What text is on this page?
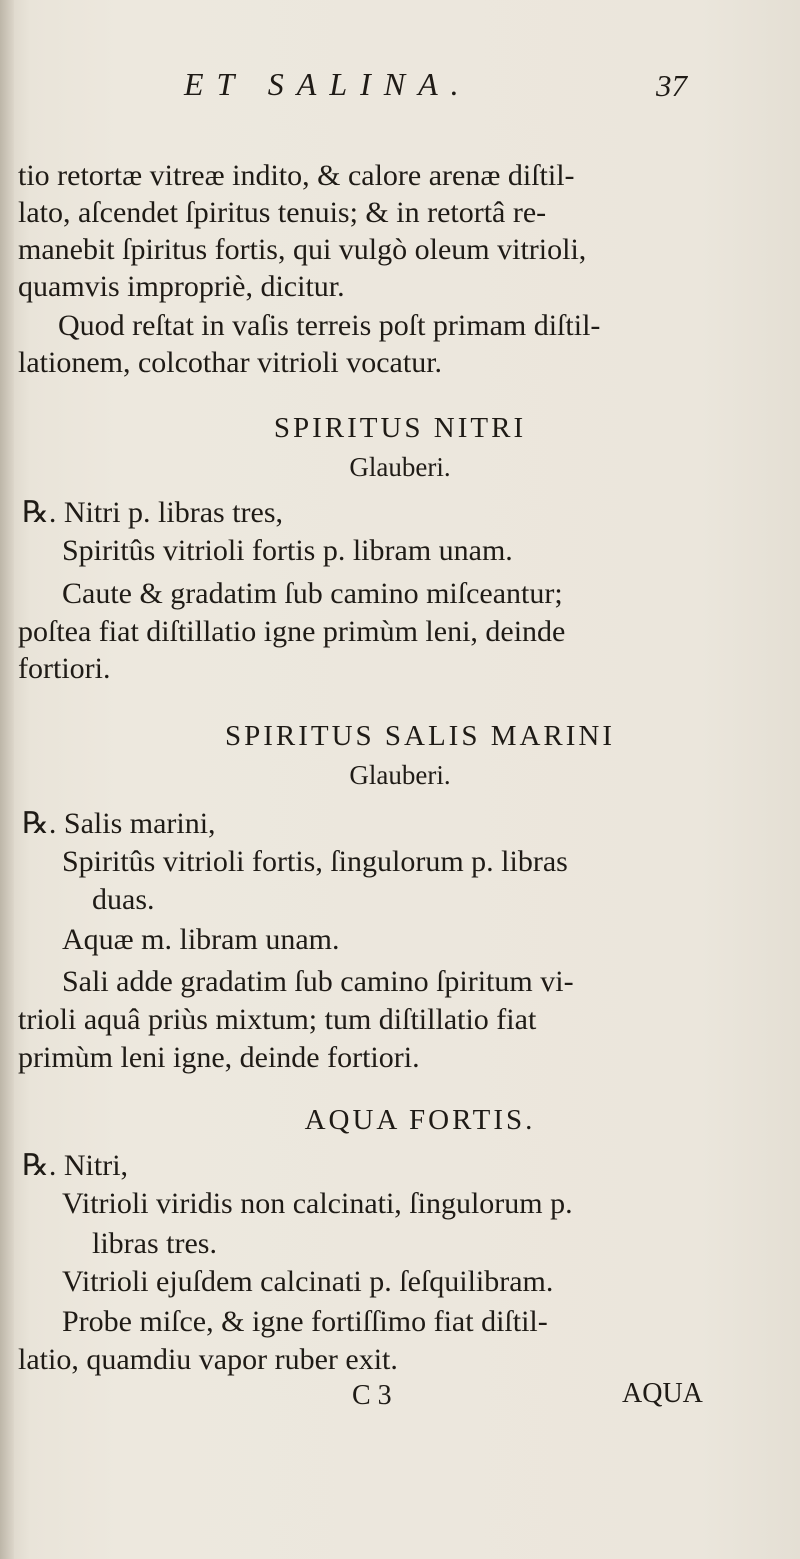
ET SALINA.	37
tio retortæ vitreæ indito, & calore arenæ diſtil-
lato, aſcendet ſpiritus tenuis; & in retortâ re-
manebit ſpiritus fortis, qui vulgò oleum vitrioli,
quamvis impropriè, dicitur.
Quod reſtat in vaſis terreis poſt primam diſtil-
lationem, colcothar vitrioli vocatur.
SPIRITUS NITRI
Glauberi.
℞. Nitri p. libras tres,
Spiritûs vitrioli fortis p. libram unam.
Caute & gradatim ſub camino miſceantur;
poſtea fiat diſtillatio igne primùm leni, deinde
fortiori.
SPIRITUS SALIS MARINI
Glauberi.
℞. Salis marini,
Spiritûs vitrioli fortis, ſingulorum p. libras
duas.
Aquæ m. libram unam.
Sali adde gradatim ſub camino ſpiritum vi-
trioli aquâ priùs mixtum; tum diſtillatio fiat
primùm leni igne, deinde fortiori.
AQUA FORTIS.
℞. Nitri,
Vitrioli viridis non calcinati, ſingulorum p.
libras tres.
Vitrioli ejuſdem calcinati p. ſeſquilibram.
Probe miſce, & igne fortiſſimo fiat diſtil-
latio, quamdiu vapor ruber exit.
C 3	AQUA
